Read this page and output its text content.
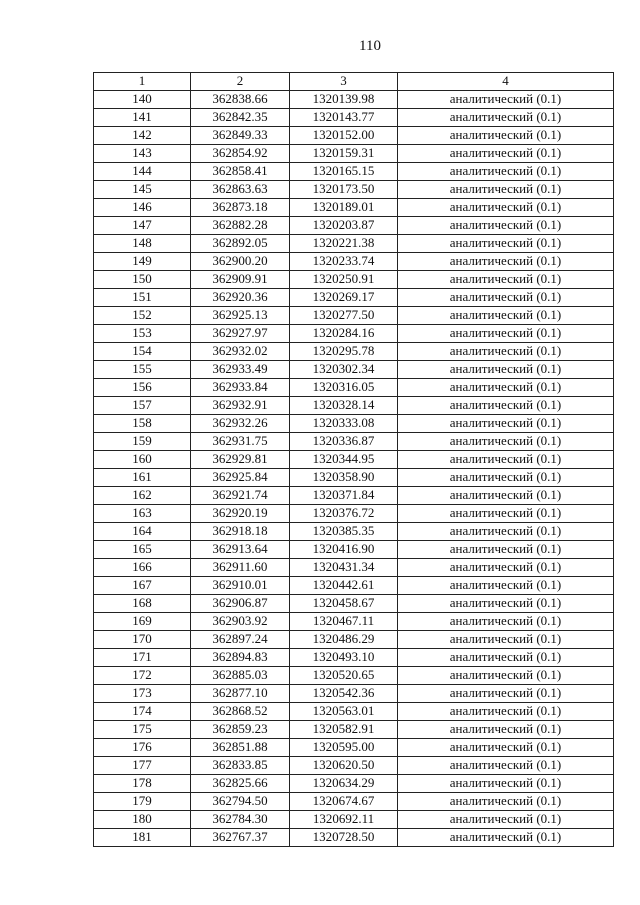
110
1	2	3	4
140	362838.66	1320139.98	аналитический (0.1)
141	362842.35	1320143.77	аналитический (0.1)
142	362849.33	1320152.00	аналитический (0.1)
143	362854.92	1320159.31	аналитический (0.1)
144	362858.41	1320165.15	аналитический (0.1)
145	362863.63	1320173.50	аналитический (0.1)
146	362873.18	1320189.01	аналитический (0.1)
147	362882.28	1320203.87	аналитический (0.1)
148	362892.05	1320221.38	аналитический (0.1)
149	362900.20	1320233.74	аналитический (0.1)
150	362909.91	1320250.91	аналитический (0.1)
151	362920.36	1320269.17	аналитический (0.1)
152	362925.13	1320277.50	аналитический (0.1)
153	362927.97	1320284.16	аналитический (0.1)
154	362932.02	1320295.78	аналитический (0.1)
155	362933.49	1320302.34	аналитический (0.1)
156	362933.84	1320316.05	аналитический (0.1)
157	362932.91	1320328.14	аналитический (0.1)
158	362932.26	1320333.08	аналитический (0.1)
159	362931.75	1320336.87	аналитический (0.1)
160	362929.81	1320344.95	аналитический (0.1)
161	362925.84	1320358.90	аналитический (0.1)
162	362921.74	1320371.84	аналитический (0.1)
163	362920.19	1320376.72	аналитический (0.1)
164	362918.18	1320385.35	аналитический (0.1)
165	362913.64	1320416.90	аналитический (0.1)
166	362911.60	1320431.34	аналитический (0.1)
167	362910.01	1320442.61	аналитический (0.1)
168	362906.87	1320458.67	аналитический (0.1)
169	362903.92	1320467.11	аналитический (0.1)
170	362897.24	1320486.29	аналитический (0.1)
171	362894.83	1320493.10	аналитический (0.1)
172	362885.03	1320520.65	аналитический (0.1)
173	362877.10	1320542.36	аналитический (0.1)
174	362868.52	1320563.01	аналитический (0.1)
175	362859.23	1320582.91	аналитический (0.1)
176	362851.88	1320595.00	аналитический (0.1)
177	362833.85	1320620.50	аналитический (0.1)
178	362825.66	1320634.29	аналитический (0.1)
179	362794.50	1320674.67	аналитический (0.1)
180	362784.30	1320692.11	аналитический (0.1)
181	362767.37	1320728.50	аналитический (0.1)
